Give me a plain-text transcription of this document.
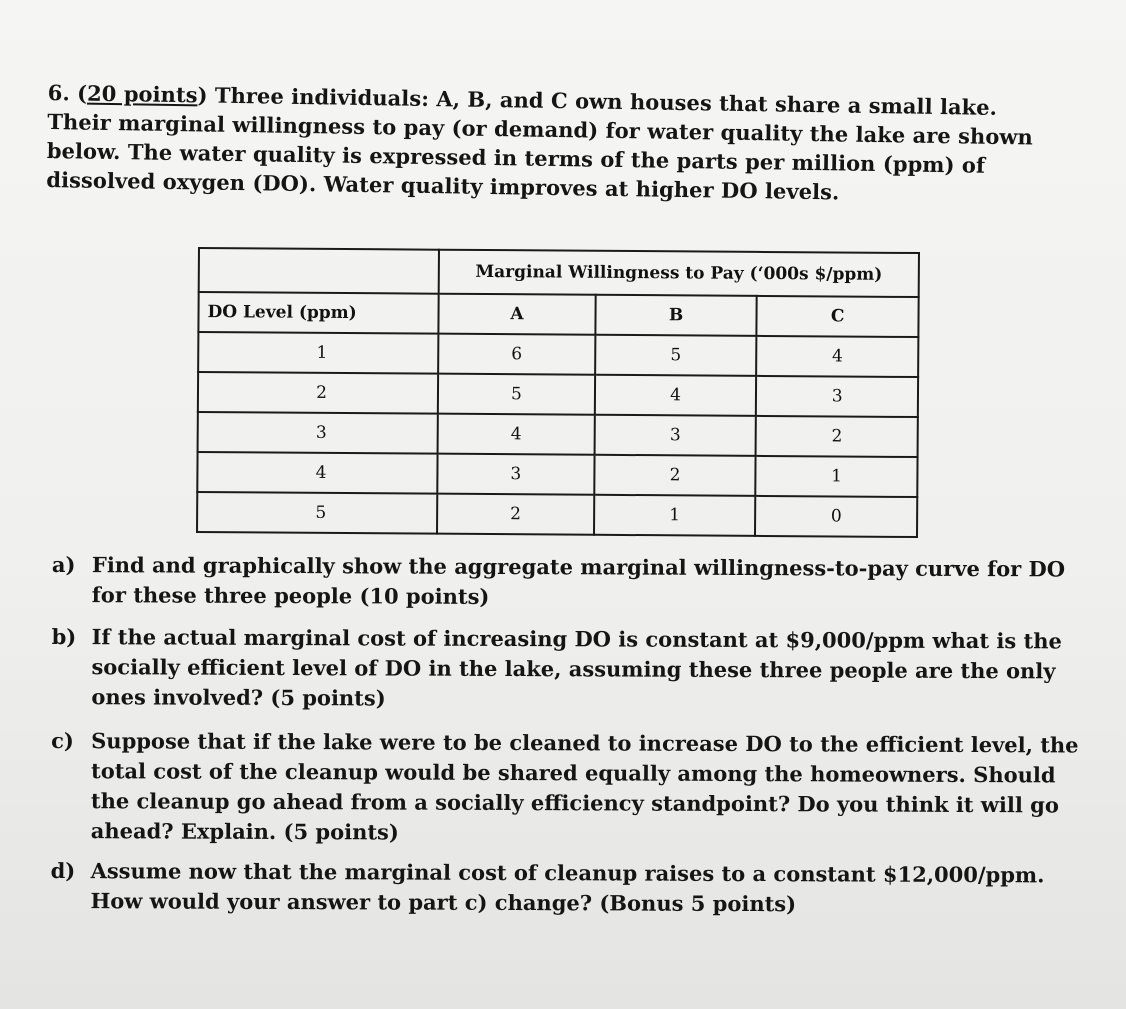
6. (20 points) Three individuals: A, B, and C own houses that share a small lake. Their marginal willingness to pay (or demand) for water quality the lake are shown below. The water quality is expressed in terms of the parts per million (ppm) of dissolved oxygen (DO). Water quality improves at higher DO levels.
	Marginal Willingness to Pay (‘000s $/ppm)		
DO Level (ppm)	A	B	C
1	6	5	4
2	5	4	3
3	4	3	2
4	3	2	1
5	2	1	0
a) Find and graphically show the aggregate marginal willingness-to-pay curve for DO for these three people (10 points)
b) If the actual marginal cost of increasing DO is constant at $9,000/ppm what is the socially efficient level of DO in the lake, assuming these three people are the only ones involved? (5 points)
c) Suppose that if the lake were to be cleaned to increase DO to the efficient level, the total cost of the cleanup would be shared equally among the homeowners. Should the cleanup go ahead from a socially efficiency standpoint? Do you think it will go ahead? Explain. (5 points)
d) Assume now that the marginal cost of cleanup raises to a constant $12,000/ppm. How would your answer to part c) change? (Bonus 5 points)
